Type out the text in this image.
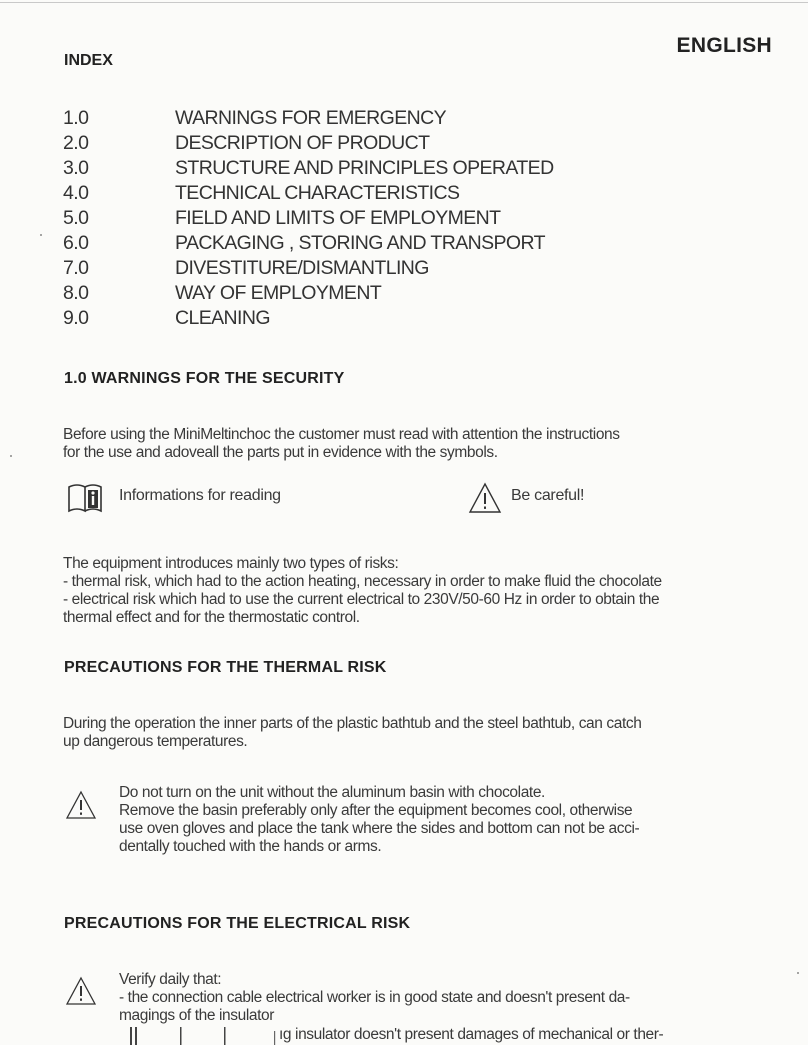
ENGLISH
INDEX
1.0	WARNINGS FOR EMERGENCY
2.0	DESCRIPTION OF PRODUCT
3.0	STRUCTURE AND PRINCIPLES OPERATED
4.0	TECHNICAL CHARACTERISTICS
5.0	FIELD AND LIMITS OF EMPLOYMENT
6.0	PACKAGING , STORING AND TRANSPORT
7.0	DIVESTITURE/DISMANTLING
8.0	WAY OF EMPLOYMENT
9.0	CLEANING
1.0 WARNINGS FOR THE SECURITY
Before using the MiniMeltinchoc the customer must read with attention the instructions
for the use and adoveall the parts put in evidence with the symbols.
Informations for reading	Be careful!
The equipment introduces mainly two types of risks:
- thermal risk, which had to the action heating, necessary in order to make fluid the chocolate
- electrical risk which had to use the current electrical to 230V/50-60 Hz in order to obtain the
thermal effect and for the thermostatic control.
PRECAUTIONS FOR THE THERMAL RISK
During the operation the inner parts of the plastic bathtub and the steel bathtub, can catch
up dangerous temperatures.
Do not turn on the unit without the aluminum basin with chocolate.
Remove the basin preferably only after the equipment becomes cool, otherwise
use oven gloves and place the tank where the sides and bottom can not be acci-
dentally touched with the hands or arms.
PRECAUTIONS FOR THE ELECTRICAL RISK
Verify daily that:
- the connection cable electrical worker is in good state and doesn't present da-
magings of the insulator
ıg insulator doesn't present damages of mechanical or ther-
